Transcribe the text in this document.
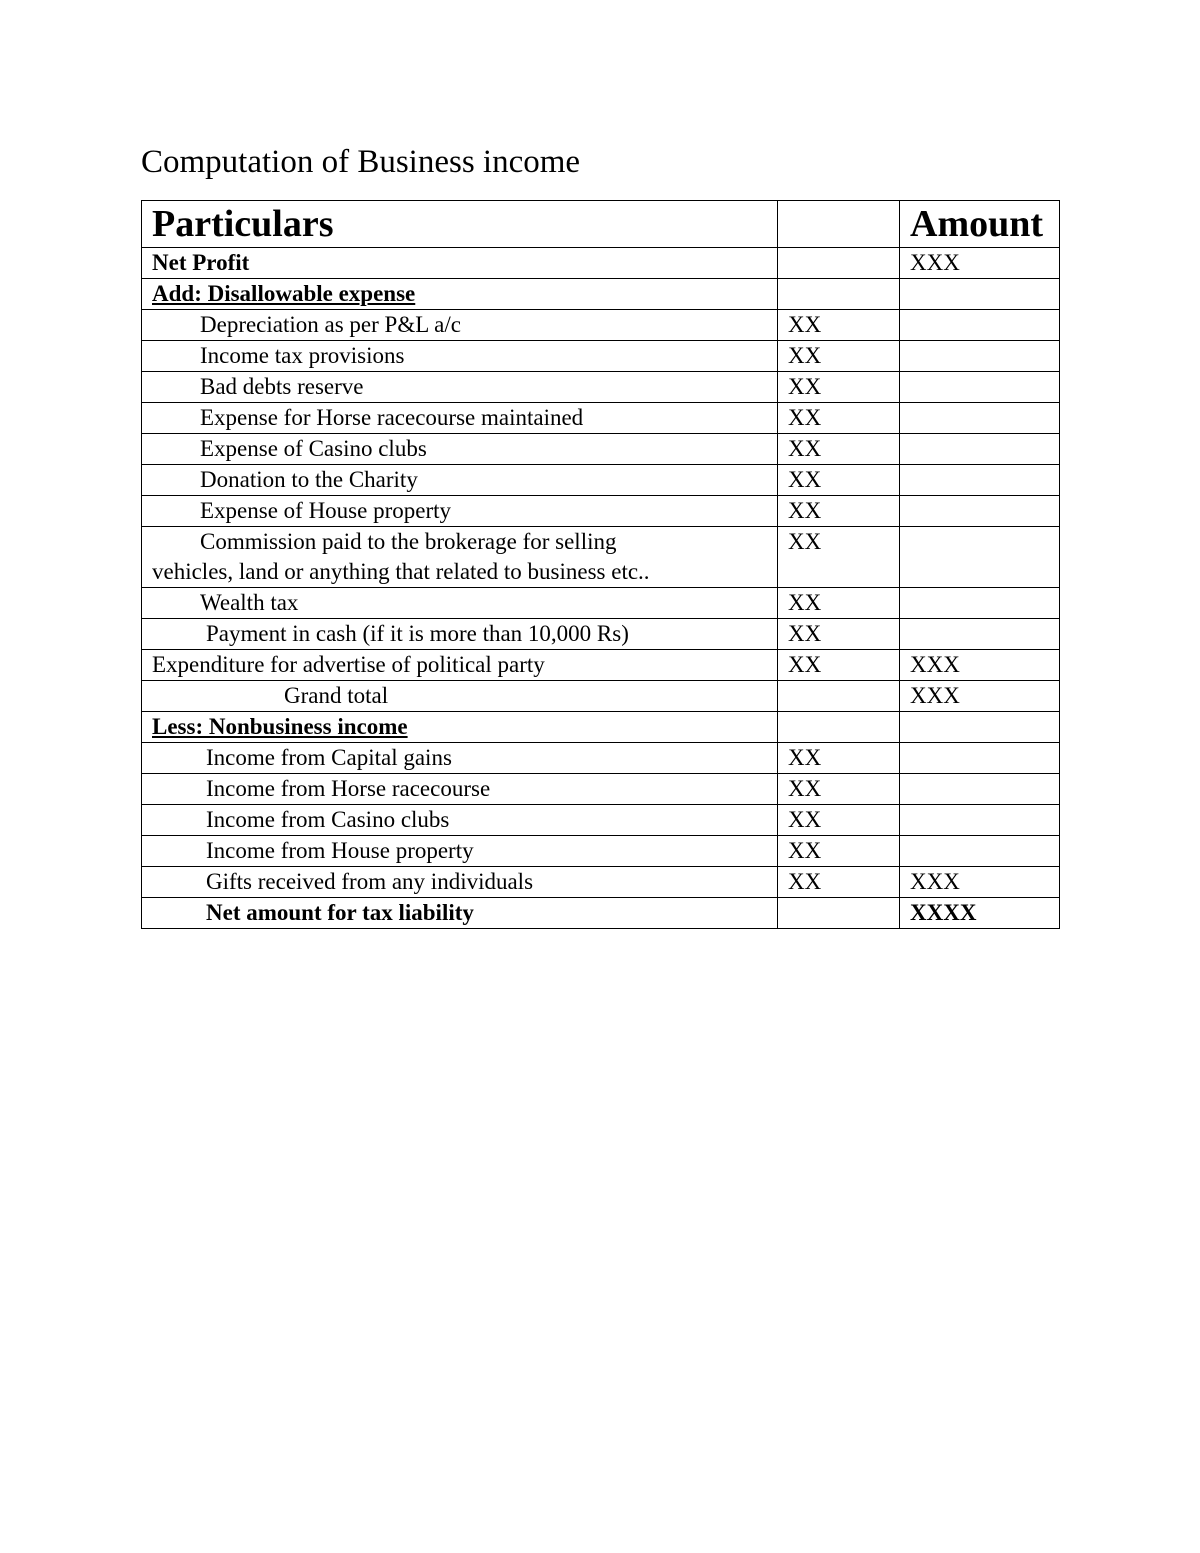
Computation of Business income
Particulars		Amount
Net Profit		XXX
Add: Disallowable expense		
Depreciation as per P&L a/c	XX	
Income tax provisions	XX	
Bad debts reserve	XX	
Expense for Horse racecourse maintained	XX	
Expense of Casino clubs	XX	
Donation to the Charity	XX	
Expense of House property	XX	

Commission paid to the brokerage for selling
vehicles, land or anything that related to business etc..	XX	
Wealth tax	XX	
Payment in cash (if it is more than 10,000 Rs)	XX	
Expenditure for advertise of political party	XX	XXX
Grand total		XXX
Less: Nonbusiness income		
Income from Capital gains	XX	
Income from Horse racecourse	XX	
Income from Casino clubs	XX	
Income from House property	XX	
Gifts received from any individuals	XX	XXX
Net amount for tax liability		XXXX
